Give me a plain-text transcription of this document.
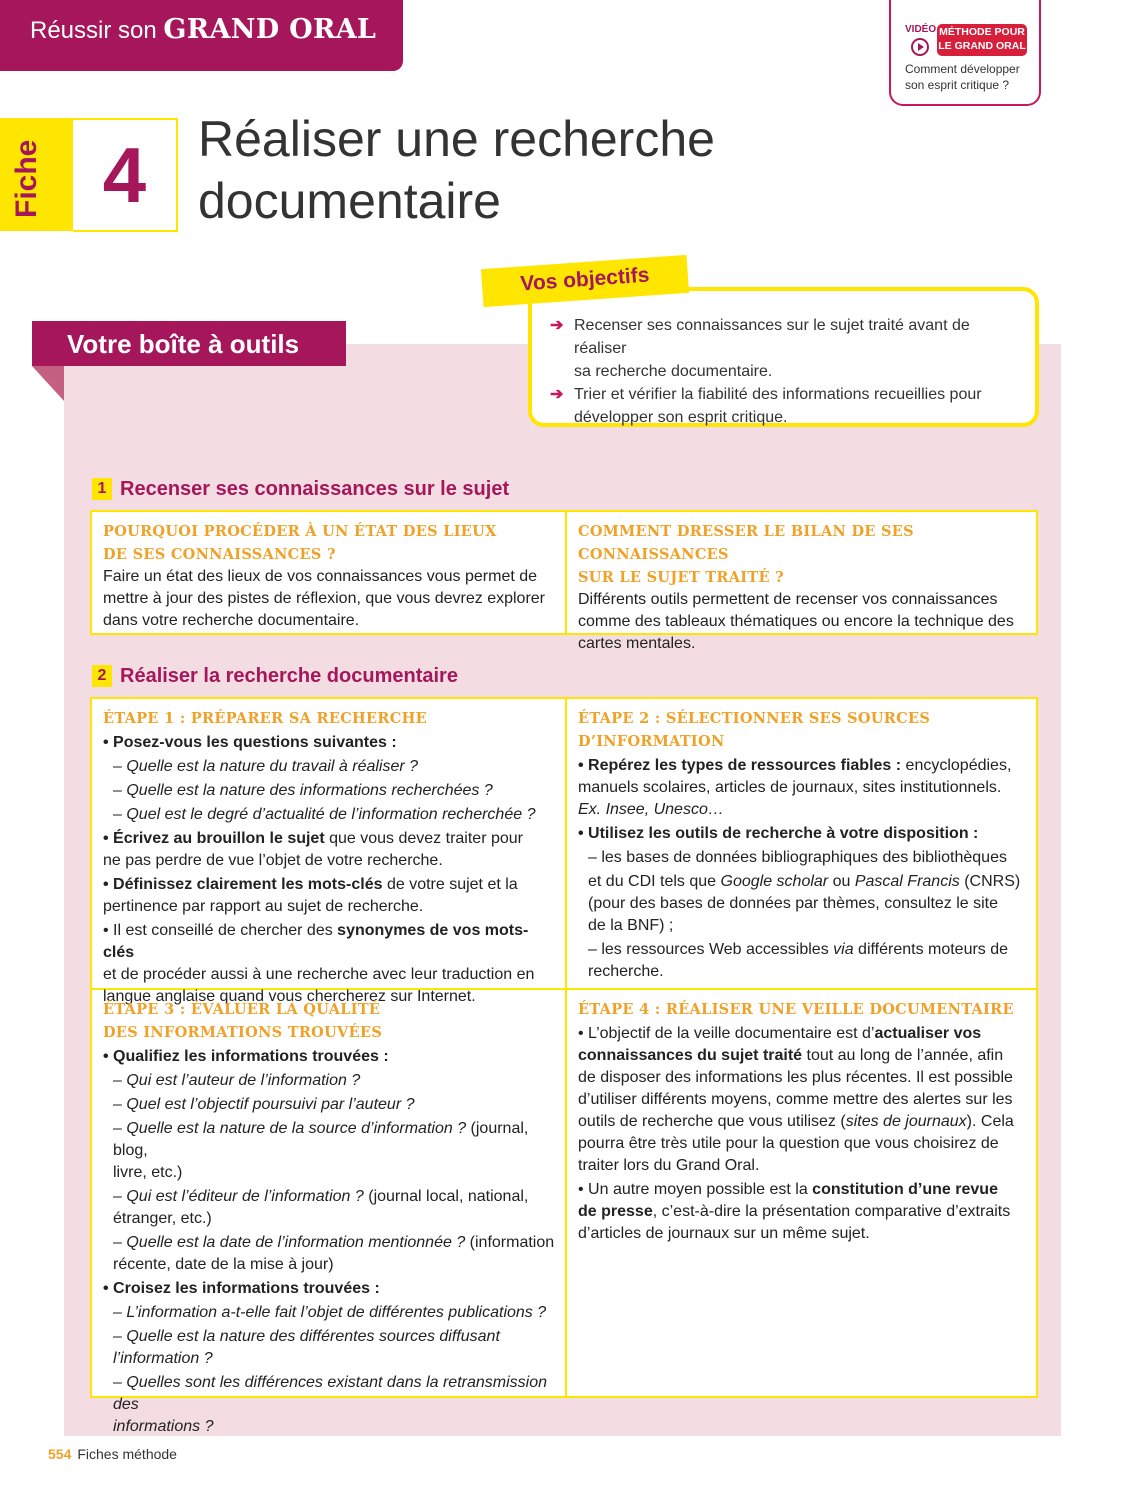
Réussir son GRAND ORAL	VIDÉO MÉTHODE POUR
LE GRAND ORAL
Comment développer
son esprit critique ?
Fiche 4	Réaliser une recherche
documentaire
Votre boîte à outils
Vos objectifs
➔ Recenser ses connaissances sur le sujet traité avant de réaliser
sa recherche documentaire.
➔ Trier et vérifier la fiabilité des informations recueillies pour
développer son esprit critique.
1 Recenser ses connaissances sur le sujet
POURQUOI PROCÉDER À UN ÉTAT DES LIEUX
DE SES CONNAISSANCES ?
Faire un état des lieux de vos connaissances vous permet de
mettre à jour des pistes de réflexion, que vous devrez explorer
dans votre recherche documentaire.
COMMENT DRESSER LE BILAN DE SES CONNAISSANCES
SUR LE SUJET TRAITÉ ?
Différents outils permettent de recenser vos connaissances
comme des tableaux thématiques ou encore la technique des
cartes mentales.
2 Réaliser la recherche documentaire
ÉTAPE 1 : PRÉPARER SA RECHERCHE
• Posez-vous les questions suivantes :
– Quelle est la nature du travail à réaliser ?
– Quelle est la nature des informations recherchées ?
– Quel est le degré d’actualité de l’information recherchée ?
• Écrivez au brouillon le sujet que vous devez traiter pour
ne pas perdre de vue l’objet de votre recherche.
• Définissez clairement les mots-clés de votre sujet et la
pertinence par rapport au sujet de recherche.
• Il est conseillé de chercher des synonymes de vos mots-clés
et de procéder aussi à une recherche avec leur traduction en
langue anglaise quand vous chercherez sur Internet.
ÉTAPE 2 : SÉLECTIONNER SES SOURCES D’INFORMATION
• Repérez les types de ressources fiables : encyclopédies,
manuels scolaires, articles de journaux, sites institutionnels.
Ex. Insee, Unesco…
• Utilisez les outils de recherche à votre disposition :
– les bases de données bibliographiques des bibliothèques
et du CDI tels que Google scholar ou Pascal Francis (CNRS)
(pour des bases de données par thèmes, consultez le site
de la BNF) ;
– les ressources Web accessibles via différents moteurs de
recherche.
ÉTAPE 3 : ÉVALUER LA QUALITÉ
DES INFORMATIONS TROUVÉES
• Qualifiez les informations trouvées :
– Qui est l’auteur de l’information ?
– Quel est l’objectif poursuivi par l’auteur ?
– Quelle est la nature de la source d’information ? (journal, blog,
livre, etc.)
– Qui est l’éditeur de l’information ? (journal local, national,
étranger, etc.)
– Quelle est la date de l’information mentionnée ? (information
récente, date de la mise à jour)
• Croisez les informations trouvées :
– L’information a-t-elle fait l’objet de différentes publications ?
– Quelle est la nature des différentes sources diffusant
l’information ?
– Quelles sont les différences existant dans la retransmission des
informations ?
ÉTAPE 4 : RÉALISER UNE VEILLE DOCUMENTAIRE
• L’objectif de la veille documentaire est d’actualiser vos
connaissances du sujet traité tout au long de l’année, afin
de disposer des informations les plus récentes. Il est possible
d’utiliser différents moyens, comme mettre des alertes sur les
outils de recherche que vous utilisez (sites de journaux). Cela
pourra être très utile pour la question que vous choisirez de
traiter lors du Grand Oral.
• Un autre moyen possible est la constitution d’une revue
de presse, c’est-à-dire la présentation comparative d’extraits
d’articles de journaux sur un même sujet.
554 Fiches méthode
